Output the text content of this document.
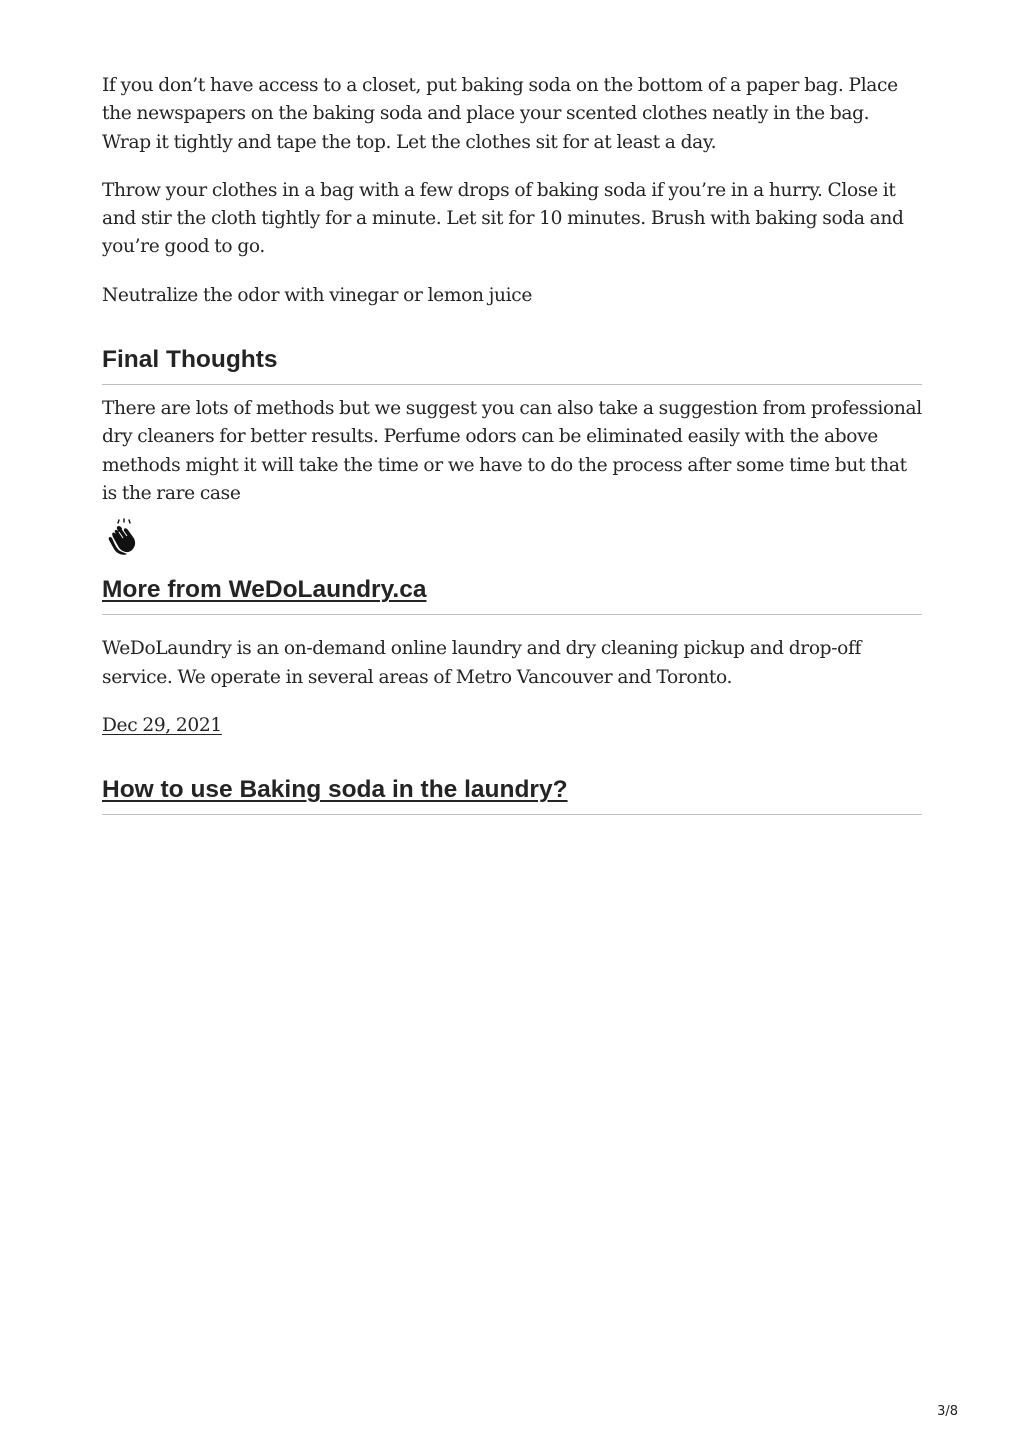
If you don’t have access to a closet, put baking soda on the bottom of a paper bag. Place the newspapers on the baking soda and place your scented clothes neatly in the bag. Wrap it tightly and tape the top. Let the clothes sit for at least a day.

Throw your clothes in a bag with a few drops of baking soda if you’re in a hurry. Close it and stir the cloth tightly for a minute. Let sit for 10 minutes. Brush with baking soda and you’re good to go.

Neutralize the odor with vinegar or lemon juice

Final Thoughts

There are lots of methods but we suggest you can also take a suggestion from professional dry cleaners for better results. Perfume odors can be eliminated easily with the above methods might it will take the time or we have to do the process after some time but that is the rare case

More from WeDoLaundry.ca

WeDoLaundry is an on-demand online laundry and dry cleaning pickup and drop-off service. We operate in several areas of Metro Vancouver and Toronto.

Dec 29, 2021

How to use Baking soda in the laundry?
3/8
